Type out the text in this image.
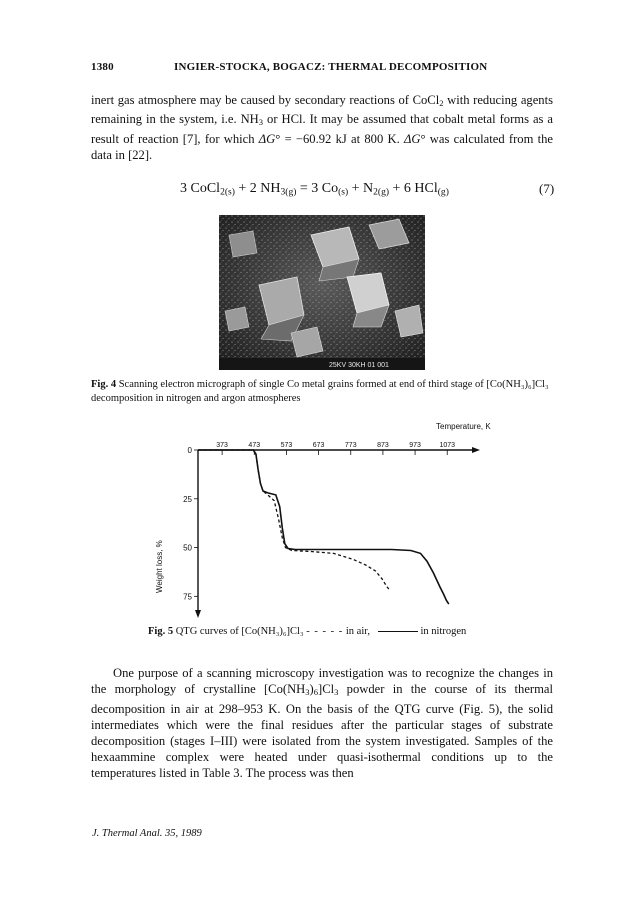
1380	INGIER-STOCKA, BOGACZ: THERMAL DECOMPOSITION

inert gas atmosphere may be caused by secondary reactions of CoCl$_2$ with reducing agents remaining in the system, i.e. $NH_3$ or HCl. It may be assumed that cobalt metal forms as a result of reaction [7], for which ΔG° = −60.92 kJ at 800 K. ΔG° was calculated from the data in [22].

3 CoCl$_{2(s)}$ + 2 $NH_{3(g)} = 3$ $Co_{(s)} + N_{2(g)} + 6$ HCl$_{(g)}$	(7)
25KV 30KH 01 001
Fig. 4 Scanning electron micrograph of single Co metal grains formed at end of third stage of [Co(NH₃)₆]Cl₃ decomposition in nitrogen and argon atmospheres
Temperature, K
373	473	573	673	773	873	973	1073
0
25
50
75
Weight loss, %
Fig. 5 QTG curves of [Co(NH₃)₆]Cl₃ - - - - - in air,	in nitrogen

One purpose of a scanning microscopy investigation was to recognize the changes in the morphology of crystalline $[Co(NH_3)_6]Cl_3$ powder in the course of its thermal decomposition in air at 298–953 K. On the basis of the QTG curve (Fig. 5), the solid intermediates which were the final residues after the particular stages of substrate decomposition (stages I–III) were isolated from the system investigated. Samples of the hexaammine complex were heated under quasi-isothermal conditions up to the temperatures listed in Table 3. The process was then

J. Thermal Anal. 35, 1989
